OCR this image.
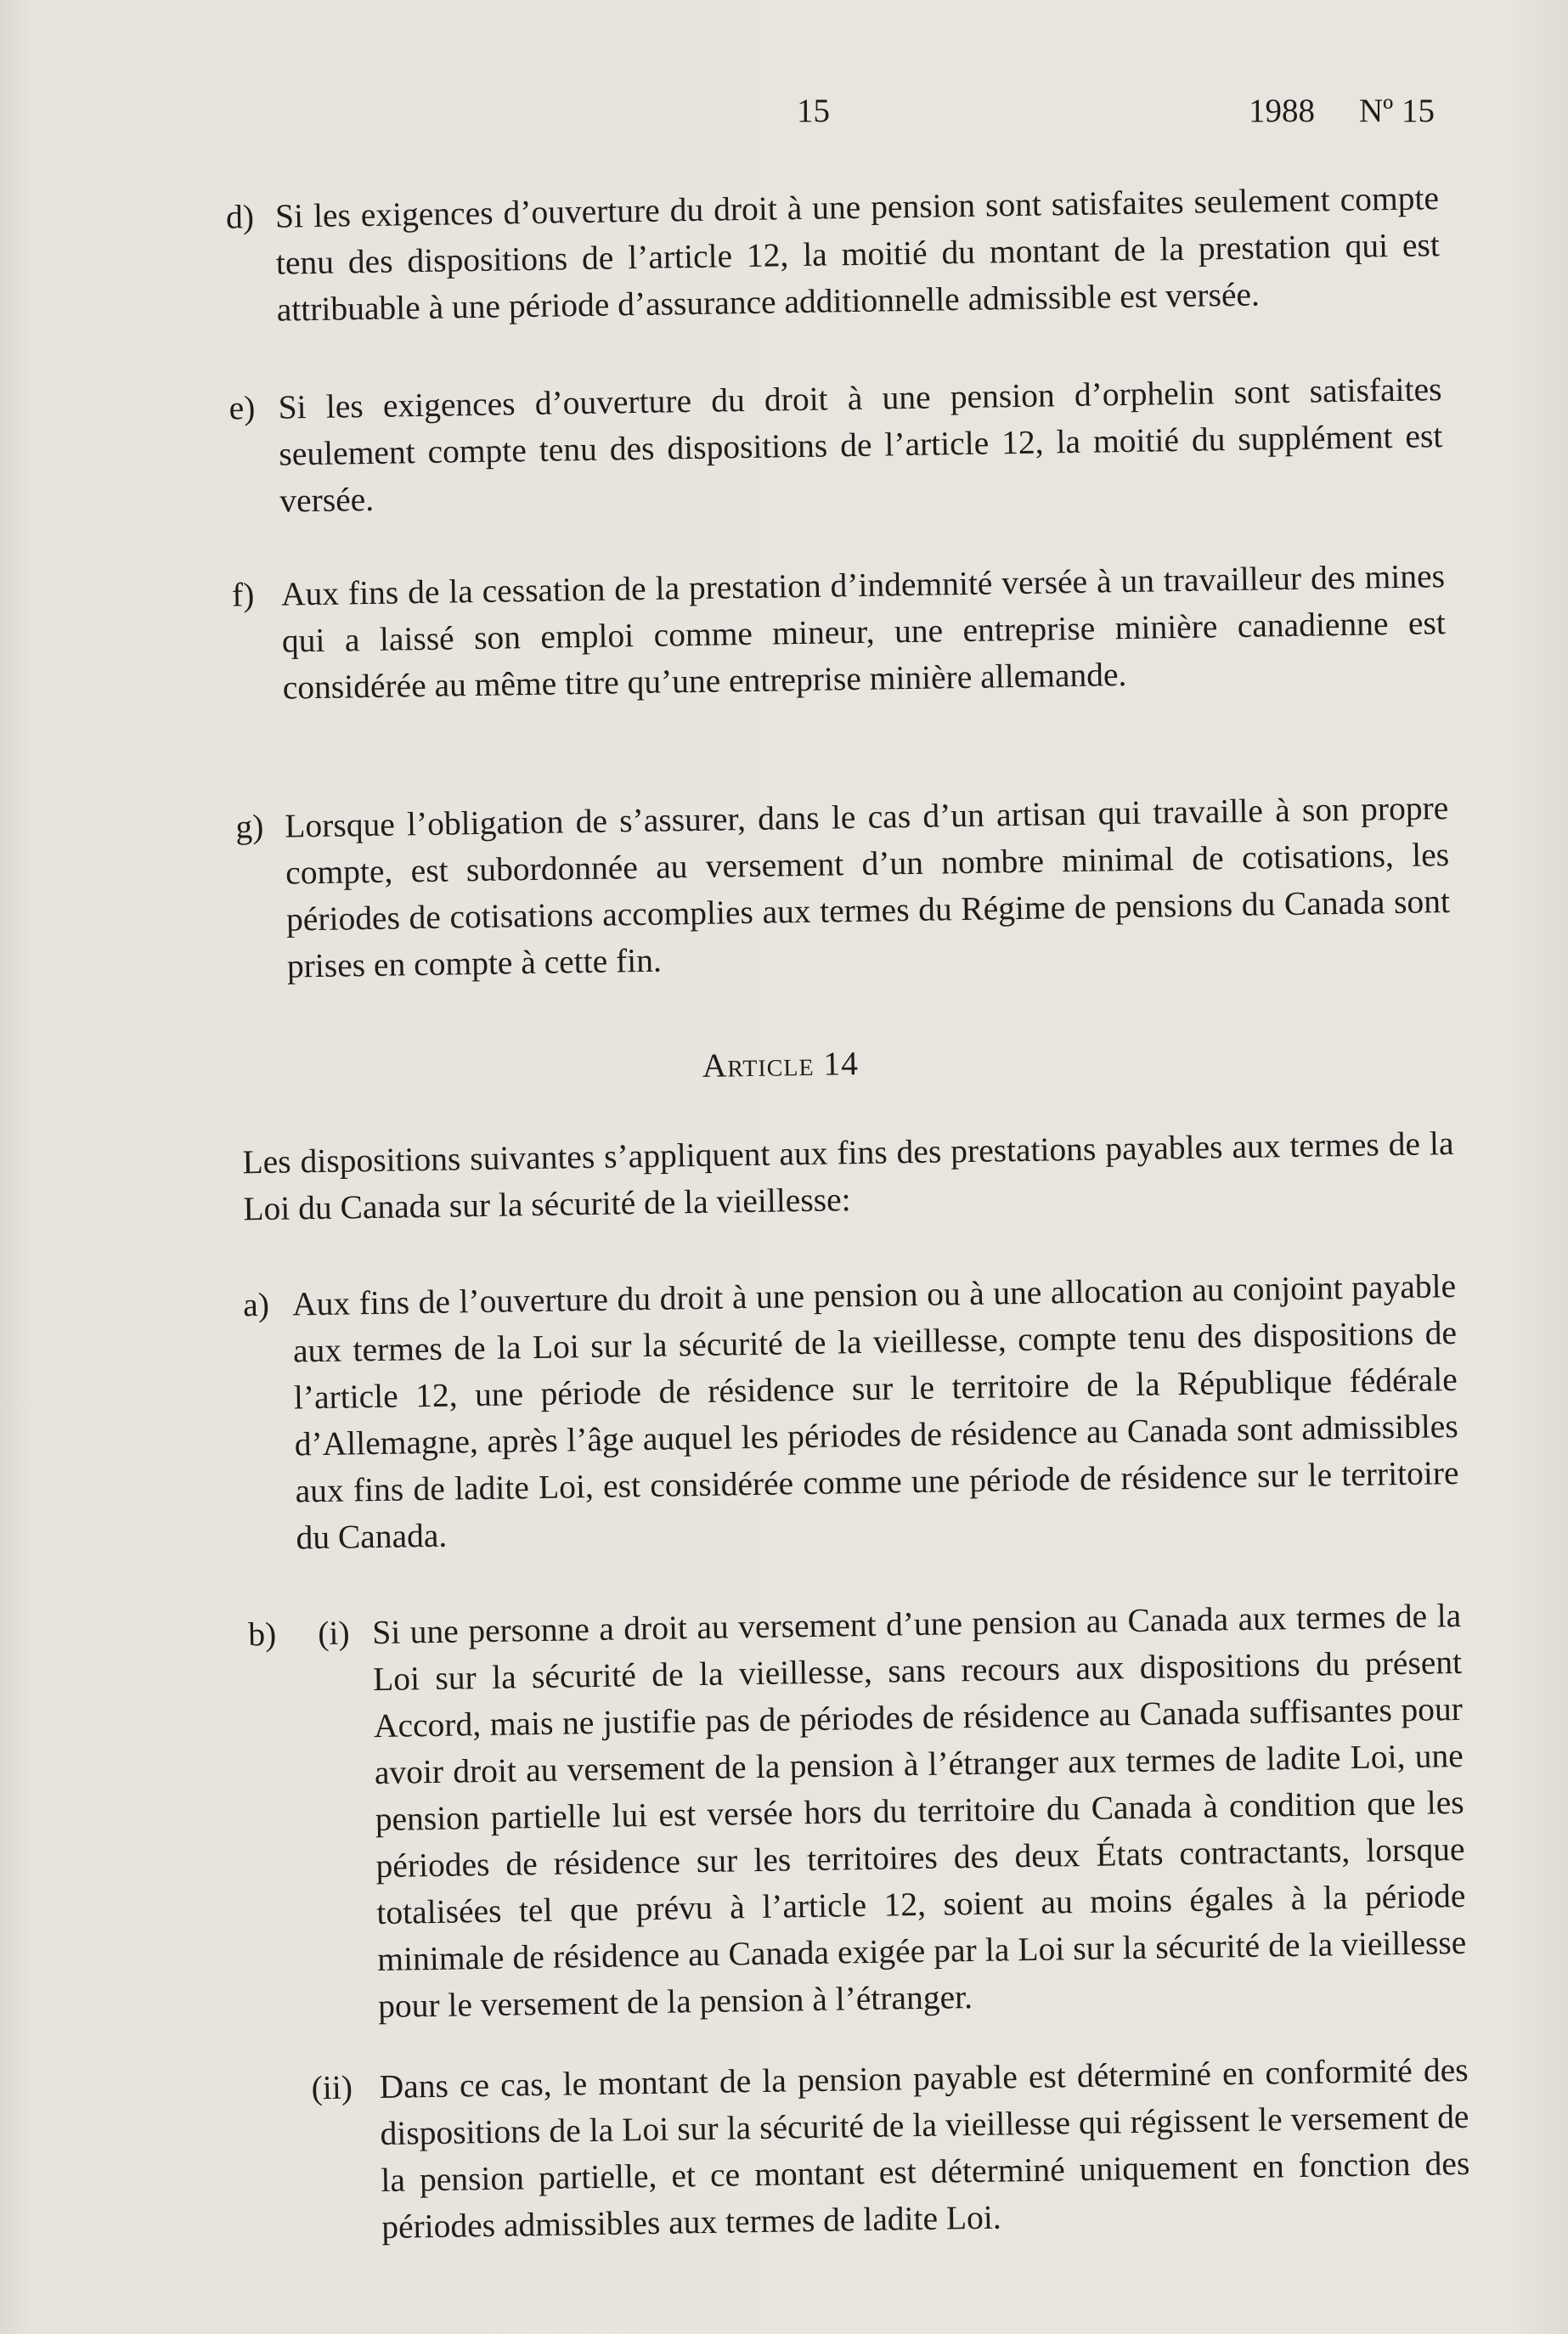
15	1988 Nº 15
d) Si les exigences d’ouverture du droit à une pension sont satisfaites seulement compte tenu des dispositions de l’article 12, la moitié du montant de la prestation qui est attribuable à une période d’assurance additionnelle admissible est versée.
e) Si les exigences d’ouverture du droit à une pension d’orphelin sont satisfaites seulement compte tenu des dispositions de l’article 12, la moitié du supplément est versée.
f) Aux fins de la cessation de la prestation d’indemnité versée à un travailleur des mines qui a laissé son emploi comme mineur, une entreprise minière canadienne est considérée au même titre qu’une entreprise minière allemande.
g) Lorsque l’obligation de s’assurer, dans le cas d’un artisan qui travaille à son propre compte, est subordonnée au versement d’un nombre minimal de cotisations, les périodes de cotisations accomplies aux termes du Régime de pensions du Canada sont prises en compte à cette fin.
Article 14
Les dispositions suivantes s’appliquent aux fins des prestations payables aux termes de la Loi du Canada sur la sécurité de la vieillesse:
a) Aux fins de l’ouverture du droit à une pension ou à une allocation au conjoint payable aux termes de la Loi sur la sécurité de la vieillesse, compte tenu des dispositions de l’article 12, une période de résidence sur le territoire de la République fédérale d’Allemagne, après l’âge auquel les périodes de résidence au Canada sont admissibles aux fins de ladite Loi, est considérée comme une période de résidence sur le territoire du Canada.
b) (i) Si une personne a droit au versement d’une pension au Canada aux termes de la Loi sur la sécurité de la vieillesse, sans recours aux dispositions du présent Accord, mais ne justifie pas de périodes de résidence au Canada suffisantes pour avoir droit au versement de la pension à l’étranger aux termes de ladite Loi, une pension partielle lui est versée hors du territoire du Canada à condition que les périodes de résidence sur les territoires des deux États contractants, lorsque totalisées tel que prévu à l’article 12, soient au moins égales à la période minimale de résidence au Canada exigée par la Loi sur la sécurité de la vieillesse pour le versement de la pension à l’étranger.
(ii) Dans ce cas, le montant de la pension payable est déterminé en conformité des dispositions de la Loi sur la sécurité de la vieillesse qui régissent le versement de la pension partielle, et ce montant est déterminé uniquement en fonction des périodes admissibles aux termes de ladite Loi.
